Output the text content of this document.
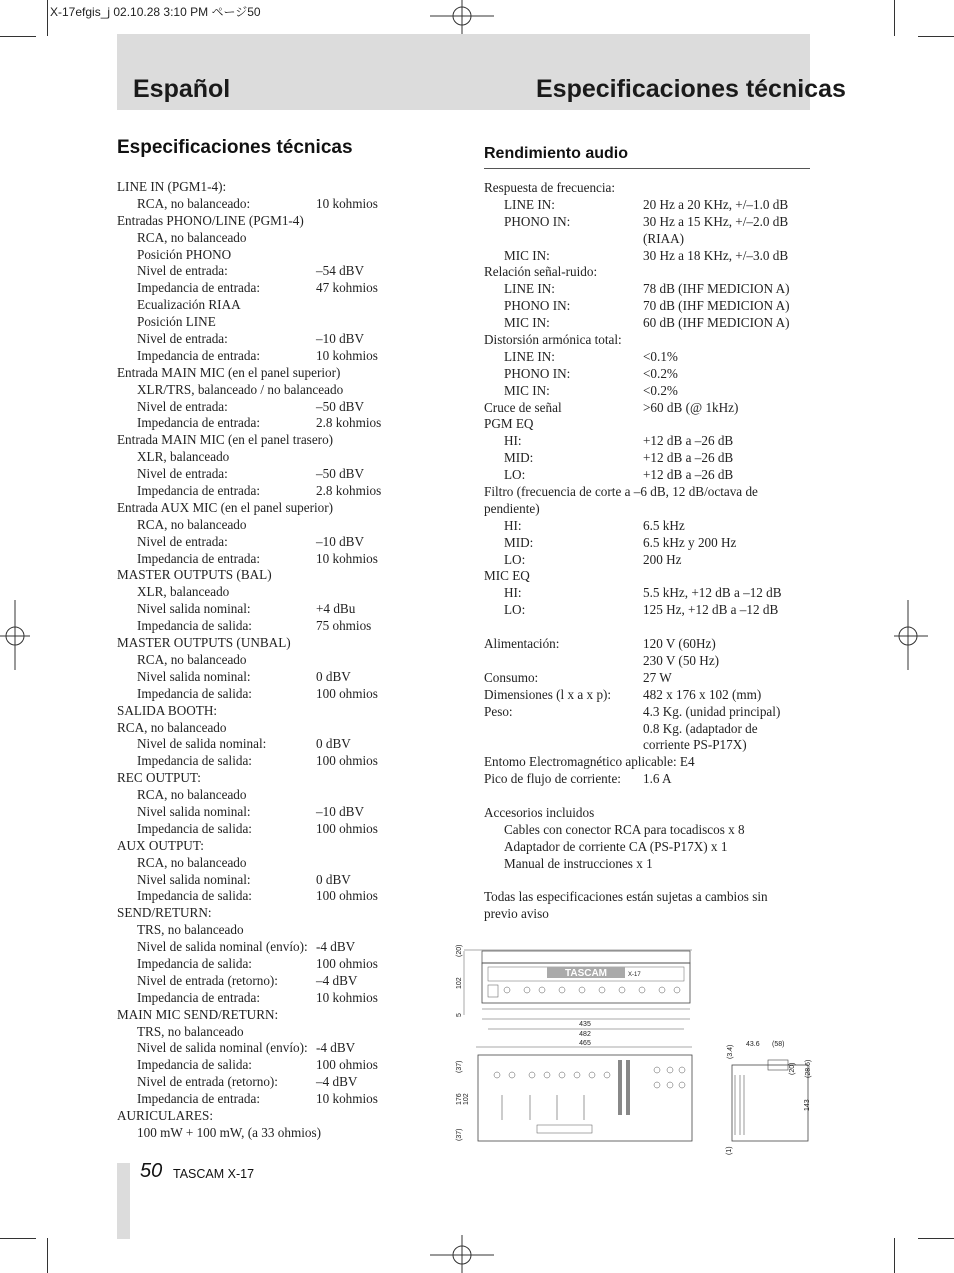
X-17efgis_j 02.10.28 3:10 PM ページ50
Español	Especificaciones técnicas
Especificaciones técnicas
LINE IN (PGM1-4):
RCA, no balanceado:	10 kohmios
Entradas PHONO/LINE (PGM1-4)
RCA, no balanceado
Posición PHONO
Nivel de entrada:	–54 dBV
Impedancia de entrada:	47 kohmios
Ecualización RIAA
Posición LINE
Nivel de entrada:	–10 dBV
Impedancia de entrada:	10 kohmios
Entrada MAIN MIC (en el panel superior)
XLR/TRS, balanceado / no balanceado
Nivel de entrada:	–50 dBV
Impedancia de entrada:	2.8 kohmios
Entrada MAIN MIC (en el panel trasero)
XLR, balanceado
Nivel de entrada:	–50 dBV
Impedancia de entrada:	2.8 kohmios
Entrada AUX MIC (en el panel superior)
RCA, no balanceado
Nivel de entrada:	–10 dBV
Impedancia de entrada:	10 kohmios
MASTER OUTPUTS (BAL)
XLR, balanceado
Nivel salida nominal:	+4 dBu
Impedancia de salida:	75 ohmios
MASTER OUTPUTS (UNBAL)
RCA, no balanceado
Nivel salida nominal:	0 dBV
Impedancia de salida:	100 ohmios
SALIDA BOOTH:
RCA, no balanceado
Nivel de salida nominal:	0 dBV
Impedancia de salida:	100 ohmios
REC OUTPUT:
RCA, no balanceado
Nivel salida nominal:	–10 dBV
Impedancia de salida:	100 ohmios
AUX OUTPUT:
RCA, no balanceado
Nivel salida nominal:	0 dBV
Impedancia de salida:	100 ohmios
SEND/RETURN:
TRS, no balanceado
Nivel de salida nominal (envío): -4 dBV
Impedancia de salida:	100 ohmios
Nivel de entrada (retorno):	–4 dBV
Impedancia de entrada:	10 kohmios
MAIN MIC SEND/RETURN:
TRS, no balanceado
Nivel de salida nominal (envío): -4 dBV
Impedancia de salida:	100 ohmios
Nivel de entrada (retorno):	–4 dBV
Impedancia de entrada:	10 kohmios
AURICULARES:
100 mW + 100 mW, (a 33 ohmios)
Rendimiento audio
Respuesta de frecuencia:
LINE IN:	20 Hz a 20 KHz, +/–1.0 dB
PHONO IN:	30 Hz a 15 KHz, +/–2.0 dB
(RIAA)
MIC IN:	30 Hz a 18 KHz, +/–3.0 dB
Relación señal-ruido:
LINE IN:	78 dB (IHF MEDICION A)
PHONO IN:	70 dB (IHF MEDICION A)
MIC IN:	60 dB (IHF MEDICION A)
Distorsión armónica total:
LINE IN:	<0.1%
PHONO IN:	<0.2%
MIC IN:	<0.2%
Cruce de señal	>60 dB (@ 1kHz)
PGM EQ
HI:	+12 dB a –26 dB
MID:	+12 dB a –26 dB
LO:	+12 dB a –26 dB
Filtro (frecuencia de corte a –6 dB, 12 dB/octava de
pendiente)
HI:	6.5 kHz
MID:	6.5 kHz y 200 Hz
LO:	200 Hz
MIC EQ
HI:	5.5 kHz, +12 dB a –12 dB
LO:	125 Hz, +12 dB a –12 dB
Alimentación:	120 V (60Hz)
230 V (50 Hz)
Consumo:	27 W
Dimensiones (l x a x p): 482 x 176 x 102 (mm)
Peso:	4.3 Kg. (unidad principal)
0.8 Kg. (adaptador de
corriente PS-P17X)
Entomo Electromagnético aplicable: E4
Pico de flujo de corriente: 1.6 A
Accesorios incluidos
Cables con conector RCA para tocadiscos x 8
Adaptador de corriente CA (PS-P17X) x 1
Manual de instrucciones x 1
Todas las especificaciones están sujetas a cambios sin
previo aviso
TASCAM	X-17
(20)
102
5
435
482
465
(37)
176 102
(37)
(3.4)
43.6 (58)
(20) (28.6)
143
(1)
50 TASCAM X-17
